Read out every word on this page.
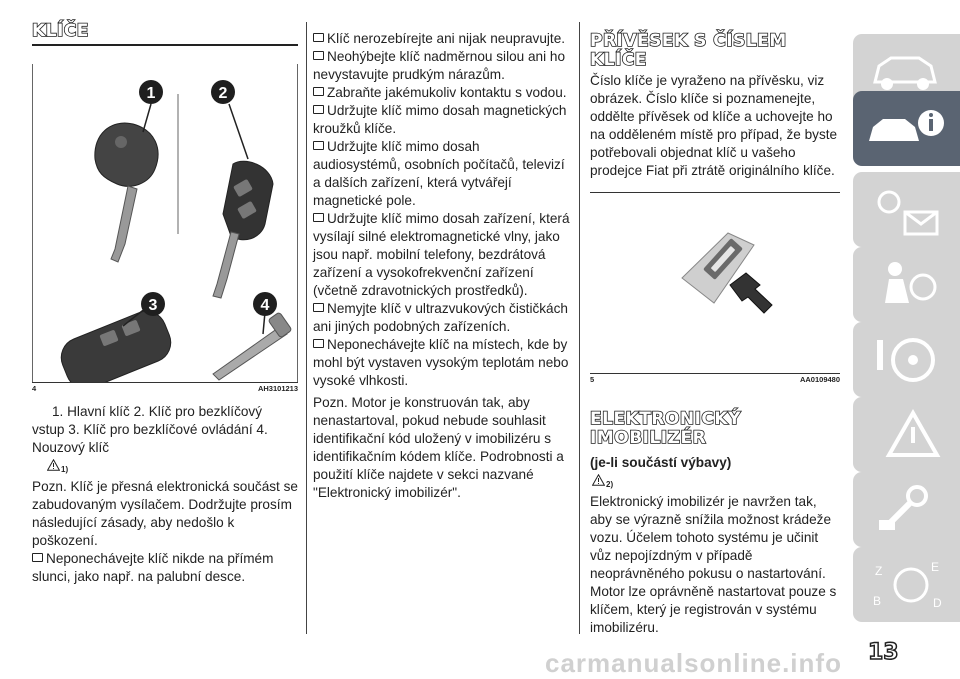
KLÍČE
1	2
3	4
4	AH3101213

1. Hlavní klíč 2. Klíč pro bezklíčový vstup 3. Klíč pro bezklíčové ovládání 4. Nouzový klíč

1)

Pozn. Klíč je přesná elektronická součást se zabudovaným vysílačem. Dodržujte prosím následující zásady, aby nedošlo k poškození.

Neponechávejte klíč nikde na přímém slunci, jako např. na palubní desce.

Klíč nerozebírejte ani nijak neupravujte.

Neohýbejte klíč nadměrnou silou ani ho nevystavujte prudkým nárazům.

Zabraňte jakémukoliv kontaktu s vodou.

Udržujte klíč mimo dosah magnetických kroužků klíče.

Udržujte klíč mimo dosah audiosystémů, osobních počítačů, televizí a dalších zařízení, která vytvářejí magnetické pole.

Udržujte klíč mimo dosah zařízení, která vysílají silné elektromagnetické vlny, jako jsou např. mobilní telefony, bezdrátová zařízení a vysokofrekvenční zařízení (včetně zdravotnických prostředků).

Nemyjte klíč v ultrazvukových čističkách ani jiných podobných zařízeních.

Neponechávejte klíč na místech, kde by mohl být vystaven vysokým teplotám nebo vysoké vlhkosti.

Pozn. Motor je konstruován tak, aby nenastartoval, pokud nebude souhlasit identifikační kód uložený v imobilizéru s identifikačním kódem klíče. Podrobnosti a použití klíče najdete v sekci nazvané "Elektronický imobilizér".

PŘÍVĚSEK S ČÍSLEM KLÍČE

Číslo klíče je vyraženo na přívěsku, viz obrázek. Číslo klíče si poznamenejte, oddělte přívěsek od klíče a uchovejte ho na odděleném místě pro případ, že byste potřebovali objednat klíč u vašeho prodejce Fiat při ztrátě originálního klíče.

5	AA0109480
ELEKTRONICKÝ IMOBILIZÉR

(je-li součástí výbavy)

2)

Elektronický imobilizér je navržen tak, aby se výrazně snížila možnost krádeže vozu. Účelem tohoto systému je učinit vůz nepojízdným v případě neoprávněného pokusu o nastartování. Motor lze oprávněně nastartovat pouze s klíčem, který je registrován v systému imobilizéru.

Z	E
B	D
carmanualsonline.info 13
